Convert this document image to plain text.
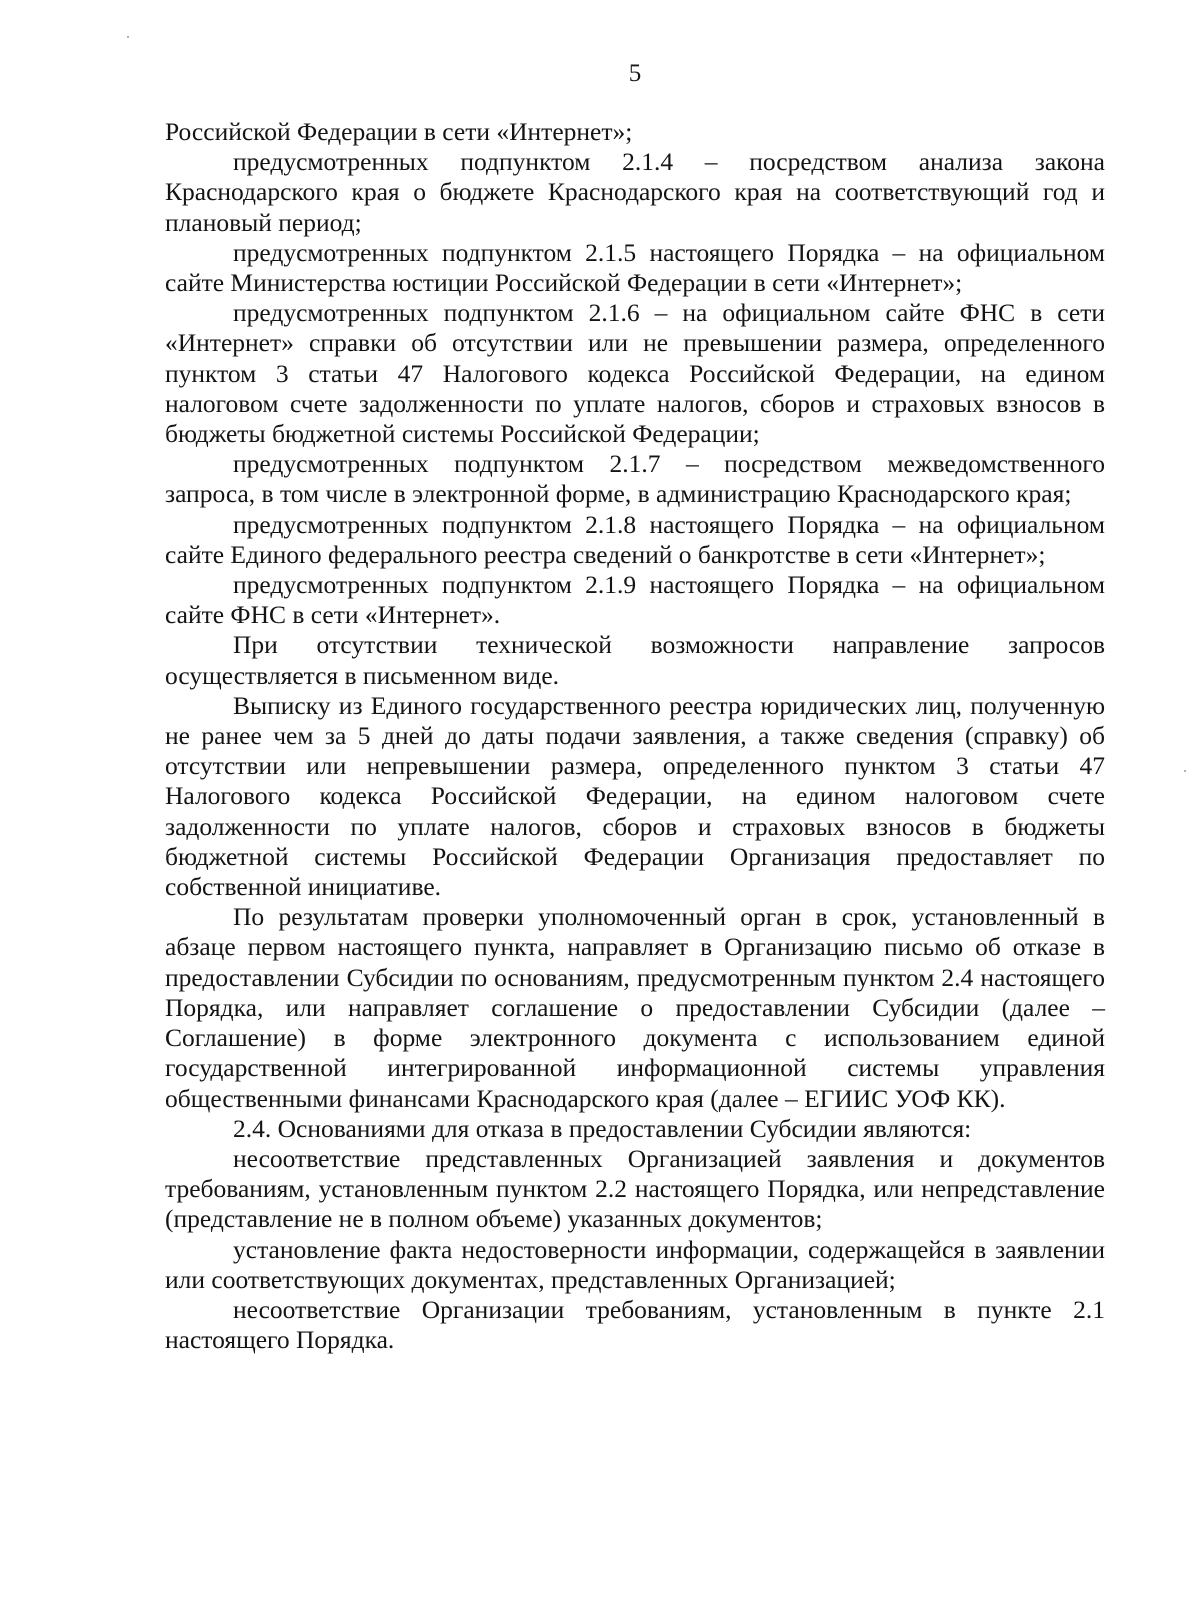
5

Российской Федерации в сети «Интернет»;

предусмотренных подпунктом 2.1.4 – посредством анализа закона Краснодарского края о бюджете Краснодарского края на соответствующий год и плановый период;

предусмотренных подпунктом 2.1.5 настоящего Порядка – на официальном сайте Министерства юстиции Российской Федерации в сети «Интернет»;

предусмотренных подпунктом 2.1.6 – на официальном сайте ФНС в сети «Интернет» справки об отсутствии или не превышении размера, определенного пунктом 3 статьи 47 Налогового кодекса Российской Федерации, на едином налоговом счете задолженности по уплате налогов, сборов и страховых взносов в бюджеты бюджетной системы Российской Федерации;

предусмотренных подпунктом 2.1.7 – посредством межведомственного запроса, в том числе в электронной форме, в администрацию Краснодарского края;

предусмотренных подпунктом 2.1.8 настоящего Порядка – на официальном сайте Единого федерального реестра сведений о банкротстве в сети «Интернет»;

предусмотренных подпунктом 2.1.9 настоящего Порядка – на официальном сайте ФНС в сети «Интернет».

При отсутствии технической возможности направление запросов осуществляется в письменном виде.

Выписку из Единого государственного реестра юридических лиц, полученную не ранее чем за 5 дней до даты подачи заявления, а также сведения (справку) об отсутствии или непревышении размера, определенного пунктом 3 статьи 47 Налогового кодекса Российской Федерации, на едином налоговом счете задолженности по уплате налогов, сборов и страховых взносов в бюджеты бюджетной системы Российской Федерации Организация предоставляет по собственной инициативе.

По результатам проверки уполномоченный орган в срок, установленный в абзаце первом настоящего пункта, направляет в Организацию письмо об отказе в предоставлении Субсидии по основаниям, предусмотренным пунктом 2.4 настоящего Порядка, или направляет соглашение о предоставлении Субсидии (далее – Соглашение) в форме электронного документа с использованием единой государственной интегрированной информационной системы управления общественными финансами Краснодарского края (далее – ЕГИИС УОФ КК).

2.4. Основаниями для отказа в предоставлении Субсидии являются:

несоответствие представленных Организацией заявления и документов требованиям, установленным пунктом 2.2 настоящего Порядка, или непредставление (представление не в полном объеме) указанных документов;

установление факта недостоверности информации, содержащейся в заявлении или соответствующих документах, представленных Организацией;

несоответствие Организации требованиям, установленным в пункте 2.1 настоящего Порядка.
